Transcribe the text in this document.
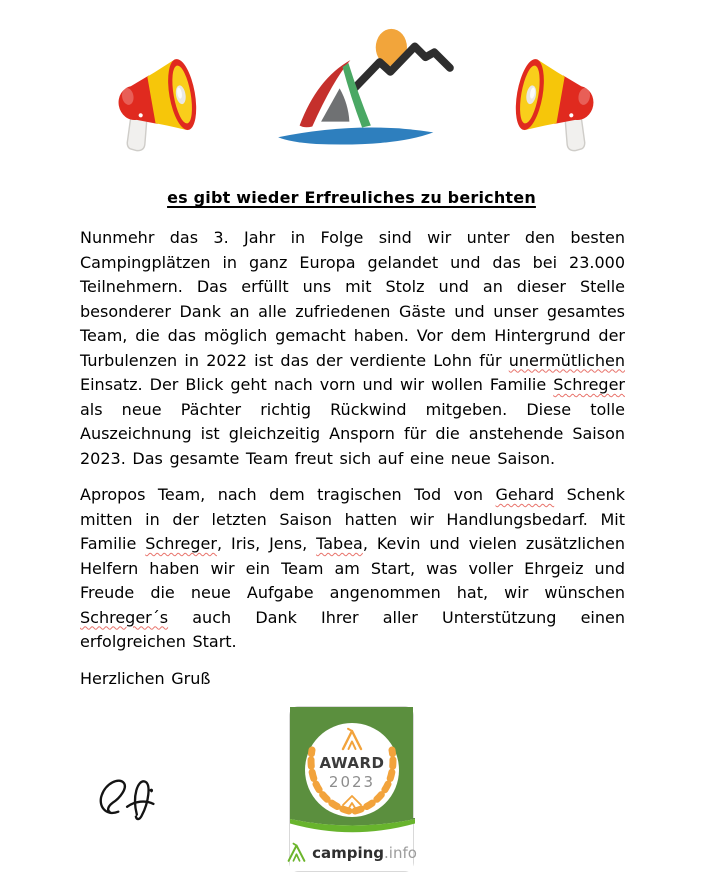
es gibt wieder Erfreuliches zu berichten

Nunmehr das 3. Jahr in Folge sind wir unter den besten Campingplätzen in ganz Europa gelandet und das bei 23.000 Teilnehmern. Das erfüllt uns mit Stolz und an dieser Stelle besonderer Dank an alle zufriedenen Gäste und unser gesamtes Team, die das möglich gemacht haben. Vor dem Hintergrund der Turbulenzen in 2022 ist das der verdiente Lohn für unermütlichen Einsatz. Der Blick geht nach vorn und wir wollen Familie Schreger als neue Pächter richtig Rückwind mitgeben. Diese tolle Auszeichnung ist gleichzeitig Ansporn für die anstehende Saison 2023. Das gesamte Team freut sich auf eine neue Saison.

Apropos Team, nach dem tragischen Tod von Gehard Schenk mitten in der letzten Saison hatten wir Handlungsbedarf. Mit Familie Schreger, Iris, Jens, Tabea, Kevin und vielen zusätzlichen Helfern haben wir ein Team am Start, was voller Ehrgeiz und Freude die neue Aufgabe angenommen hat, wir wünschen Schreger´s auch Dank Ihrer aller Unterstützung einen erfolgreichen Start.

Herzlichen Gruß

AWARD
2023
camping.info
